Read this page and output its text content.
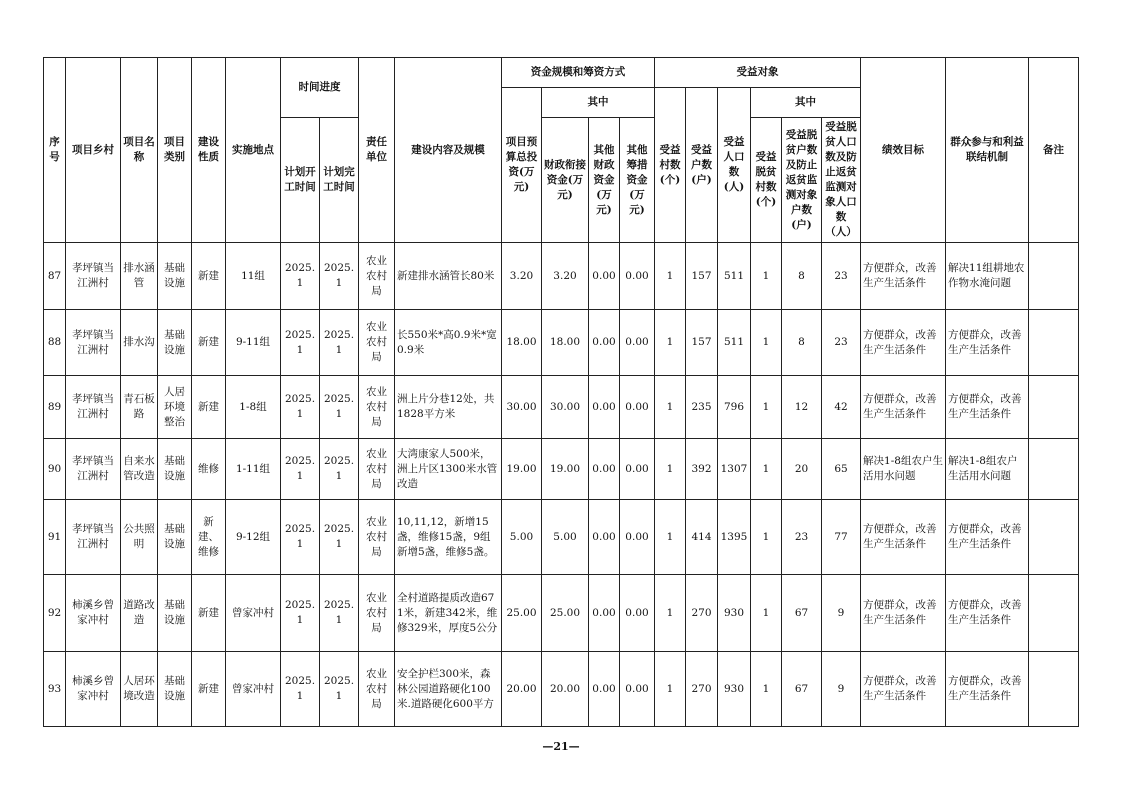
序号	项目乡村	项目名称	项目类别	建设性质	实施地点	时间进度		责任单位	建设内容及规模	资金规模和筹资方式				受益对象						绩效目标	群众参与和利益联结机制	备注
										项目预算总投资(万元)	其中			受益村数(个)	受益户数(户)	受益人口数(人)	其中					
						计划开工时间	计划完工时间				财政衔接资金(万元)	其他财政资金(万元)	其他筹措资金(万元)				受益脱贫村数(个)	受益脱贫户数及防止返贫监测对象户数(户)	受益脱贫人口数及防止返贫监测对象人口数（人）			
87	孝坪镇当江洲村	排水涵管	基础设施	新建	11组	2025.1	2025.1	农业农村局	新建排水涵管长80米	3.20	3.20	0.00	0.00	1	157	511	1	8	23	方便群众，改善生产生活条件	解决11组耕地农作物水淹问题	
88	孝坪镇当江洲村	排水沟	基础设施	新建	9-11组	2025.1	2025.1	农业农村局	长550米*高0.9米*宽0.9米	18.00	18.00	0.00	0.00	1	157	511	1	8	23	方便群众，改善生产生活条件	方便群众，改善生产生活条件	
89	孝坪镇当江洲村	青石板路	人居环境整治	新建	1-8组	2025.1	2025.1	农业农村局	洲上片分巷12处，共1828平方米	30.00	30.00	0.00	0.00	1	235	796	1	12	42	方便群众，改善生产生活条件	方便群众，改善生产生活条件	
90	孝坪镇当江洲村	自来水管改造	基础设施	维修	1-11组	2025.1	2025.1	农业农村局	大湾康家人500米，洲上片区1300米水管改造	19.00	19.00	0.00	0.00	1	392	1307	1	20	65	解决1-8组农户生活用水问题	解决1-8组农户生活用水问题	
91	孝坪镇当江洲村	公共照明	基础设施	新建、维修	9-12组	2025.1	2025.1	农业农村局	10,11,12，新增15盏，维修15盏，9组新增5盏，维修5盏。	5.00	5.00	0.00	0.00	1	414	1395	1	23	77	方便群众，改善生产生活条件	方便群众，改善生产生活条件	
92	柿溪乡曾家冲村	道路改造	基础设施	新建	曾家冲村	2025.1	2025.1	农业农村局	全村道路提质改造671米，新建342米，维修329米，厚度5公分	25.00	25.00	0.00	0.00	1	270	930	1	67	9	方便群众，改善生产生活条件	方便群众，改善生产生活条件	
93	柿溪乡曾家冲村	人居环境改造	基础设施	新建	曾家冲村	2025.1	2025.1	农业农村局	安全护栏300米，森林公园道路硬化100米.道路硬化600平方	20.00	20.00	0.00	0.00	1	270	930	1	67	9	方便群众，改善生产生活条件	方便群众，改善生产生活条件	
—21—
